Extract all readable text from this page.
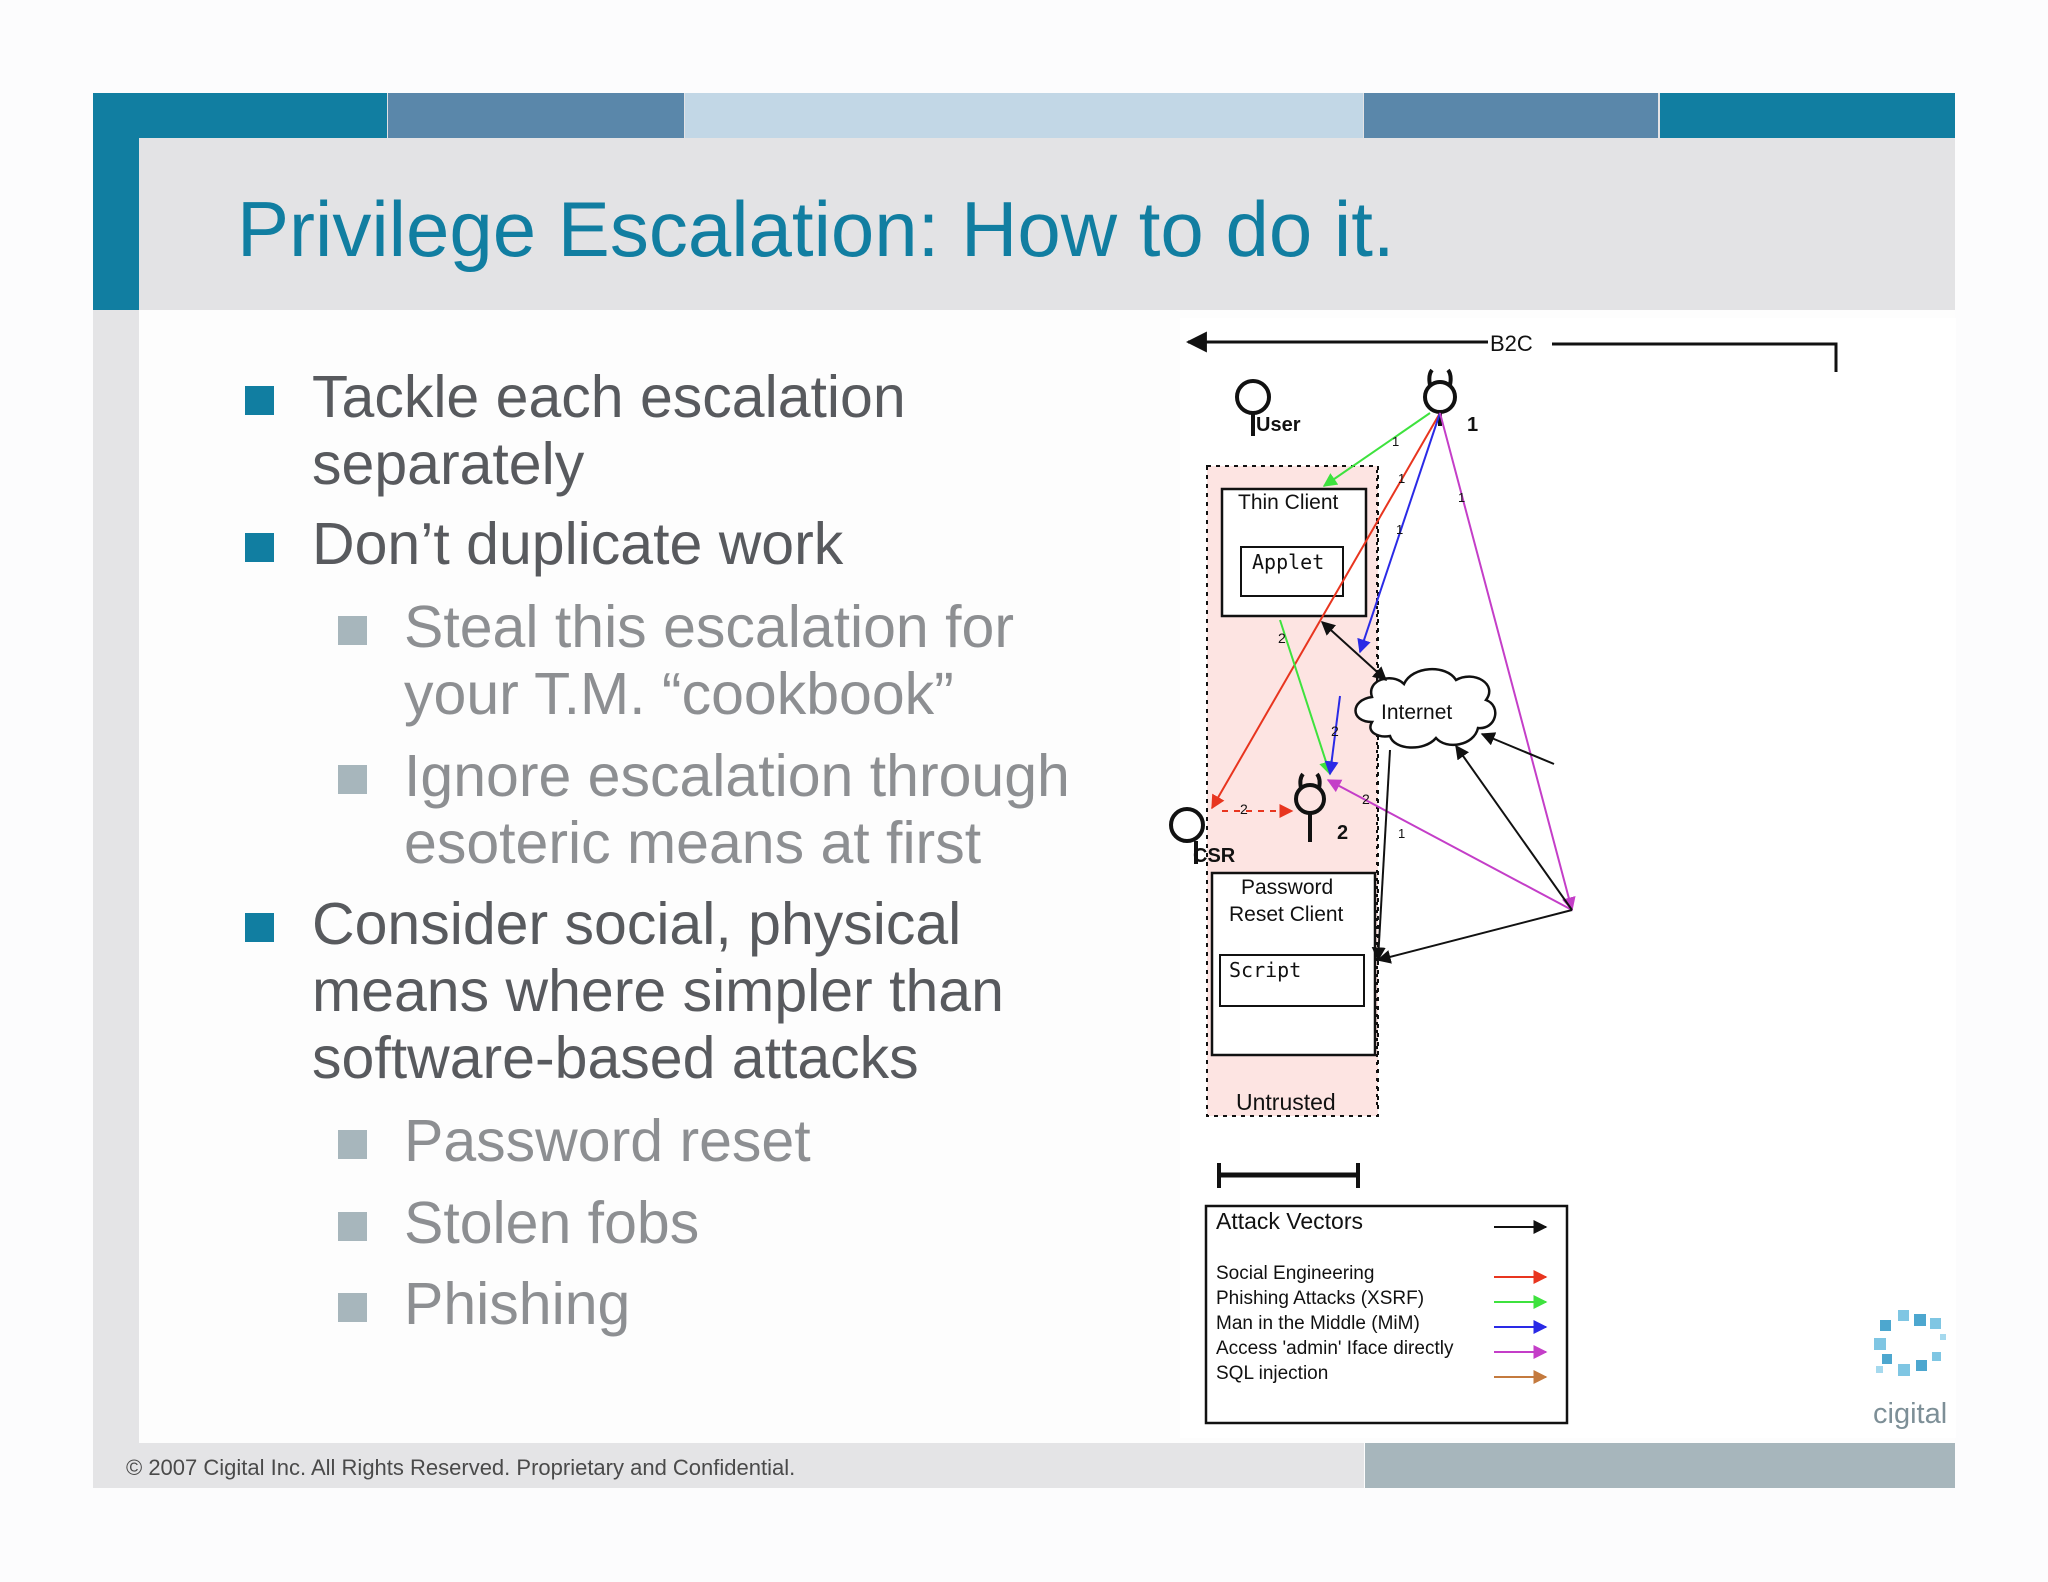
Privilege Escalation: How to do it.
Tackle each escalation
separately
Don’t duplicate work
Steal this escalation for
your T.M. “cookbook”
Ignore escalation through
esoteric means at first
Consider social, physical
means where simpler than
software-based attacks
Password reset
Stolen fobs
Phishing
B2C
User	1
Thin Client
Applet
Internet
2
CSR
Password
Reset Client
Script
Untrusted
1
1
1
1
1
2
2
2
2
Attack Vectors
Social Engineering
Phishing Attacks (XSRF)
Man in the Middle (MiM)
Access 'admin' Iface directly
SQL injection
cigital
© 2007 Cigital Inc. All Rights Reserved. Proprietary and Confidential.
